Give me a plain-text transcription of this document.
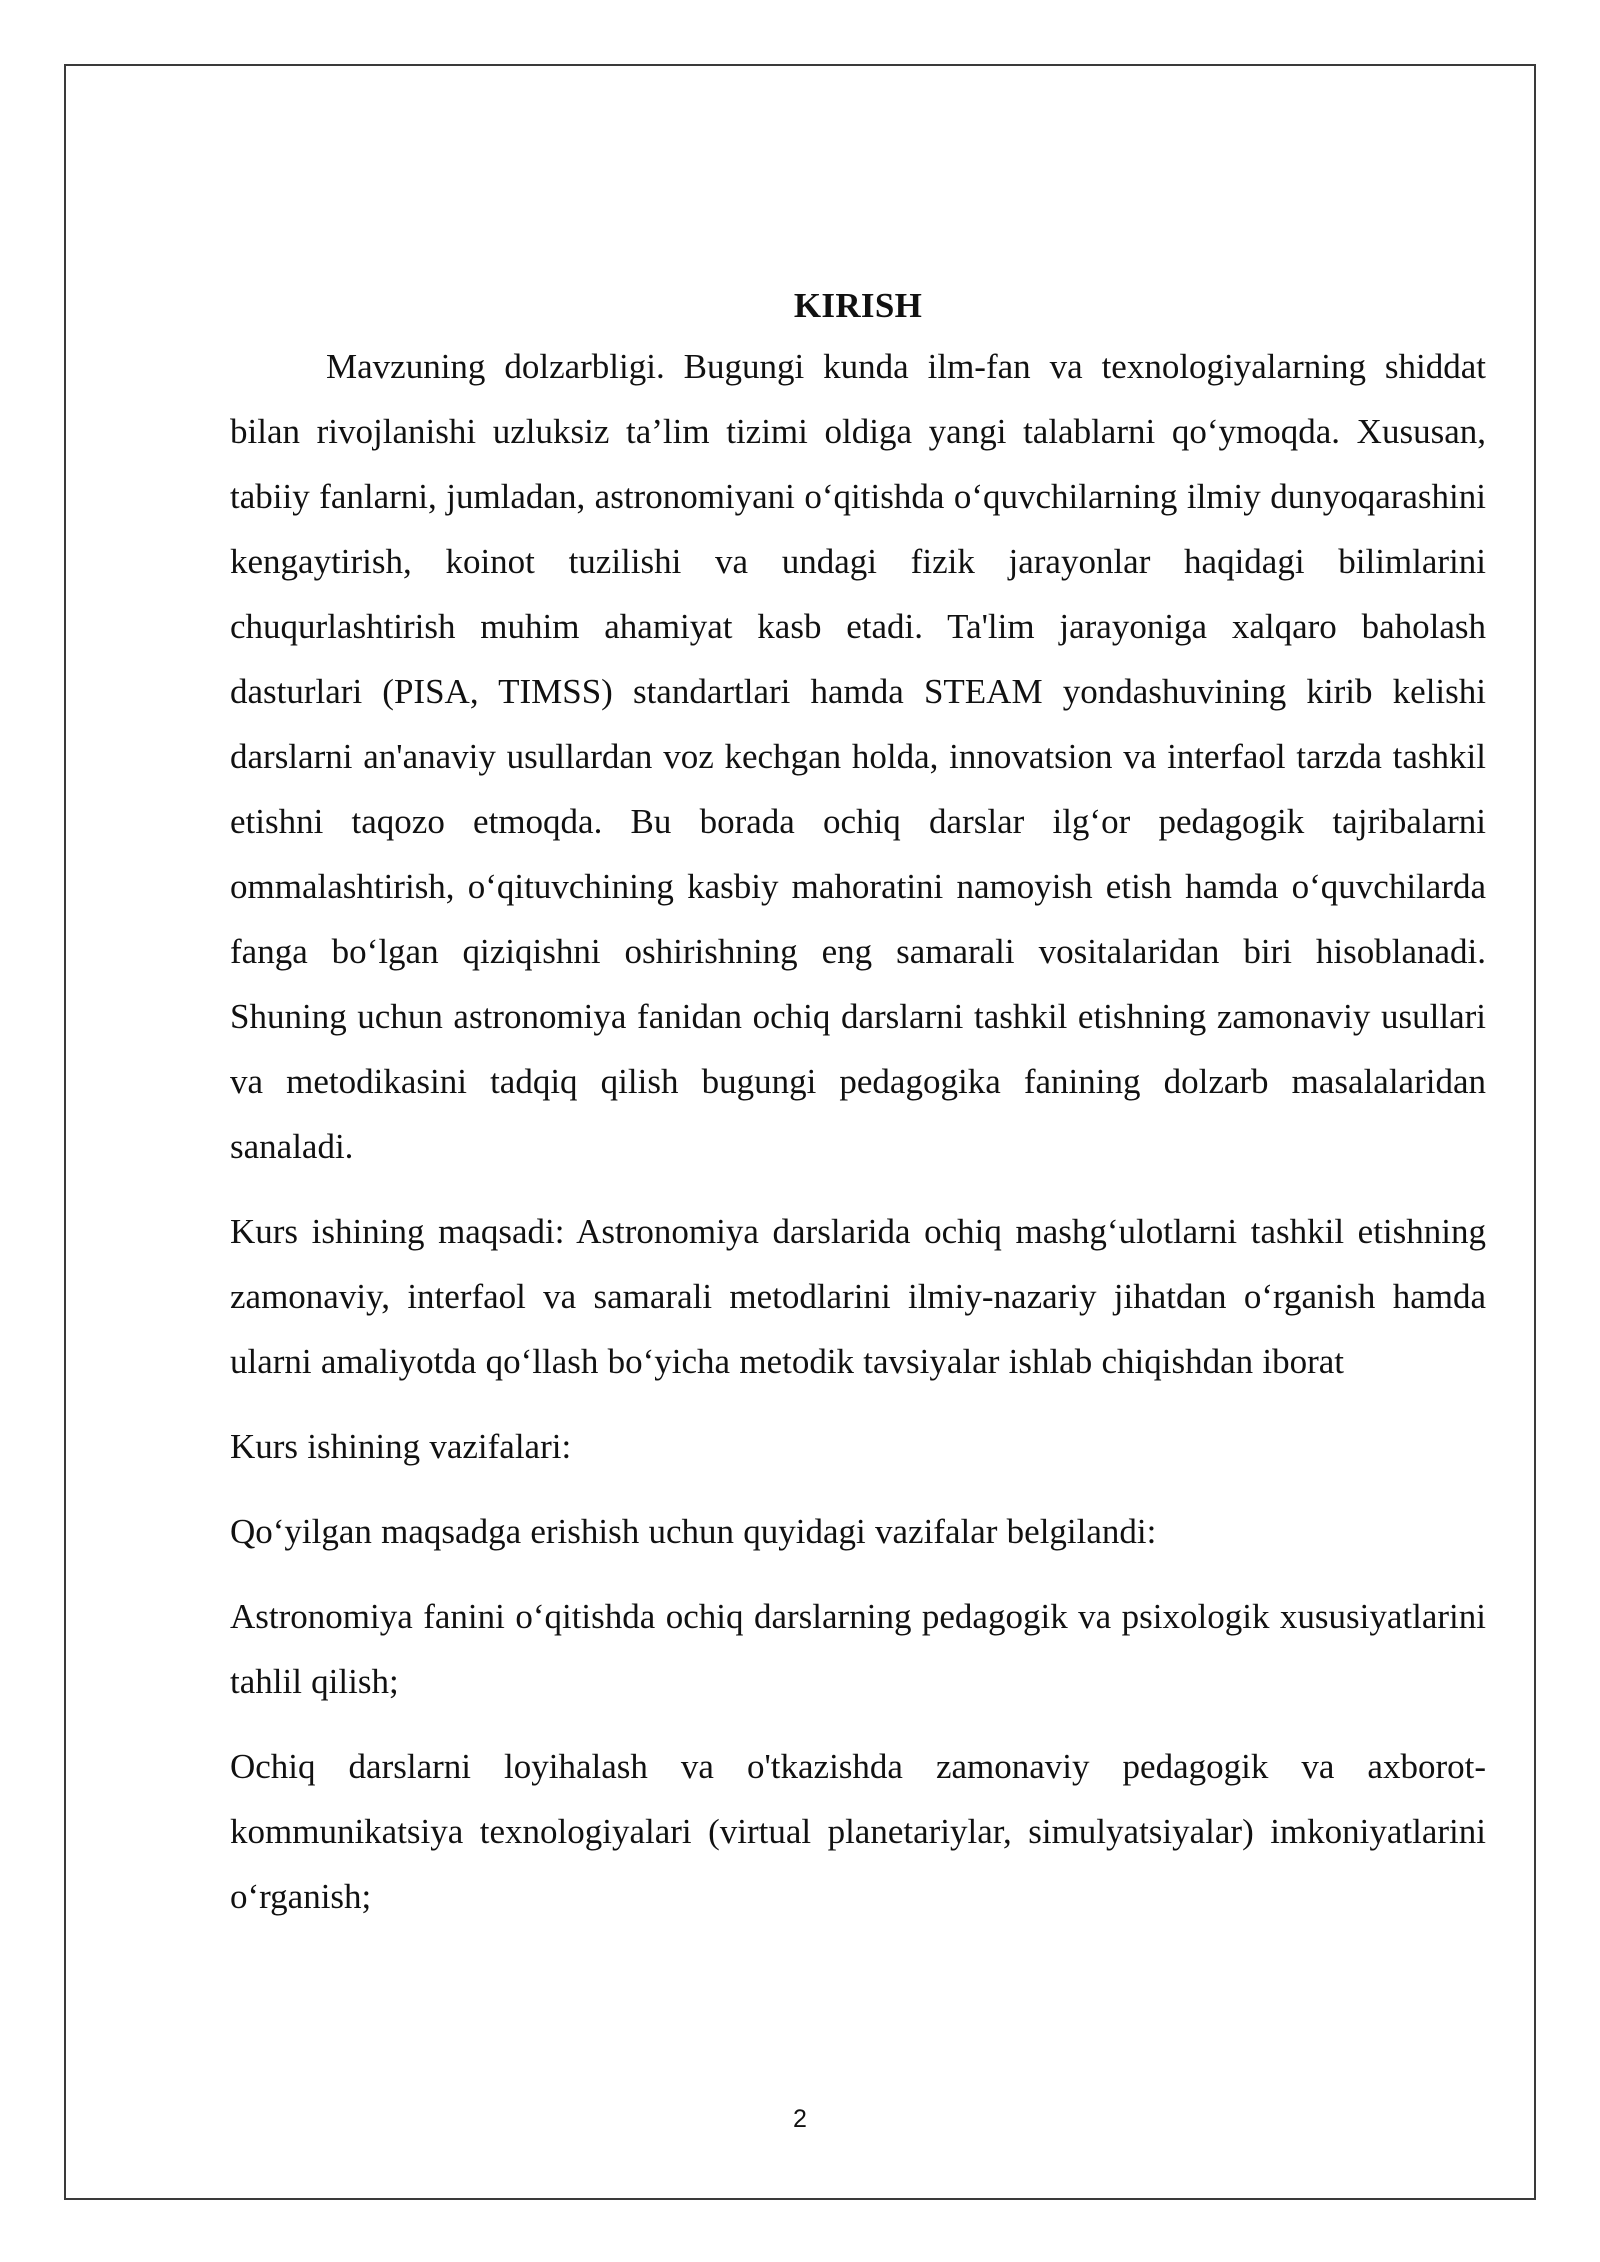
KIRISH

Mavzuning dolzarbligi. Bugungi kunda ilm-fan va texnologiyalarning shiddat bilan rivojlanishi uzluksiz ta’lim tizimi oldiga yangi talablarni qo‘ymoqda. Xususan, tabiiy fanlarni, jumladan, astronomiyani o‘qitishda o‘quvchilarning ilmiy dunyoqarashini kengaytirish, koinot tuzilishi va undagi fizik jarayonlar haqidagi bilimlarini chuqurlashtirish muhim ahamiyat kasb etadi. Ta'lim jarayoniga xalqaro baholash dasturlari (PISA, TIMSS) standartlari hamda STEAM yondashuvining kirib kelishi darslarni an'anaviy usullardan voz kechgan holda, innovatsion va interfaol tarzda tashkil etishni taqozo etmoqda. Bu borada ochiq darslar ilg‘or pedagogik tajribalarni ommalashtirish, o‘qituvchining kasbiy mahoratini namoyish etish hamda o‘quvchilarda fanga bo‘lgan qiziqishni oshirishning eng samarali vositalaridan biri hisoblanadi. Shuning uchun astronomiya fanidan ochiq darslarni tashkil etishning zamonaviy usullari va metodikasini tadqiq qilish bugungi pedagogika fanining dolzarb masalalaridan sanaladi.

Kurs ishining maqsadi: Astronomiya darslarida ochiq mashg‘ulotlarni tashkil etishning zamonaviy, interfaol va samarali metodlarini ilmiy-nazariy jihatdan o‘rganish hamda ularni amaliyotda qo‘llash bo‘yicha metodik tavsiyalar ishlab chiqishdan iborat

Kurs ishining vazifalari:

Qo‘yilgan maqsadga erishish uchun quyidagi vazifalar belgilandi:

Astronomiya fanini o‘qitishda ochiq darslarning pedagogik va psixologik xususiyatlarini tahlil qilish;

Ochiq darslarni loyihalash va o'tkazishda zamonaviy pedagogik va axborot-kommunikatsiya texnologiyalari (virtual planetariylar, simulyatsiyalar) imkoniyatlarini o‘rganish;

2
